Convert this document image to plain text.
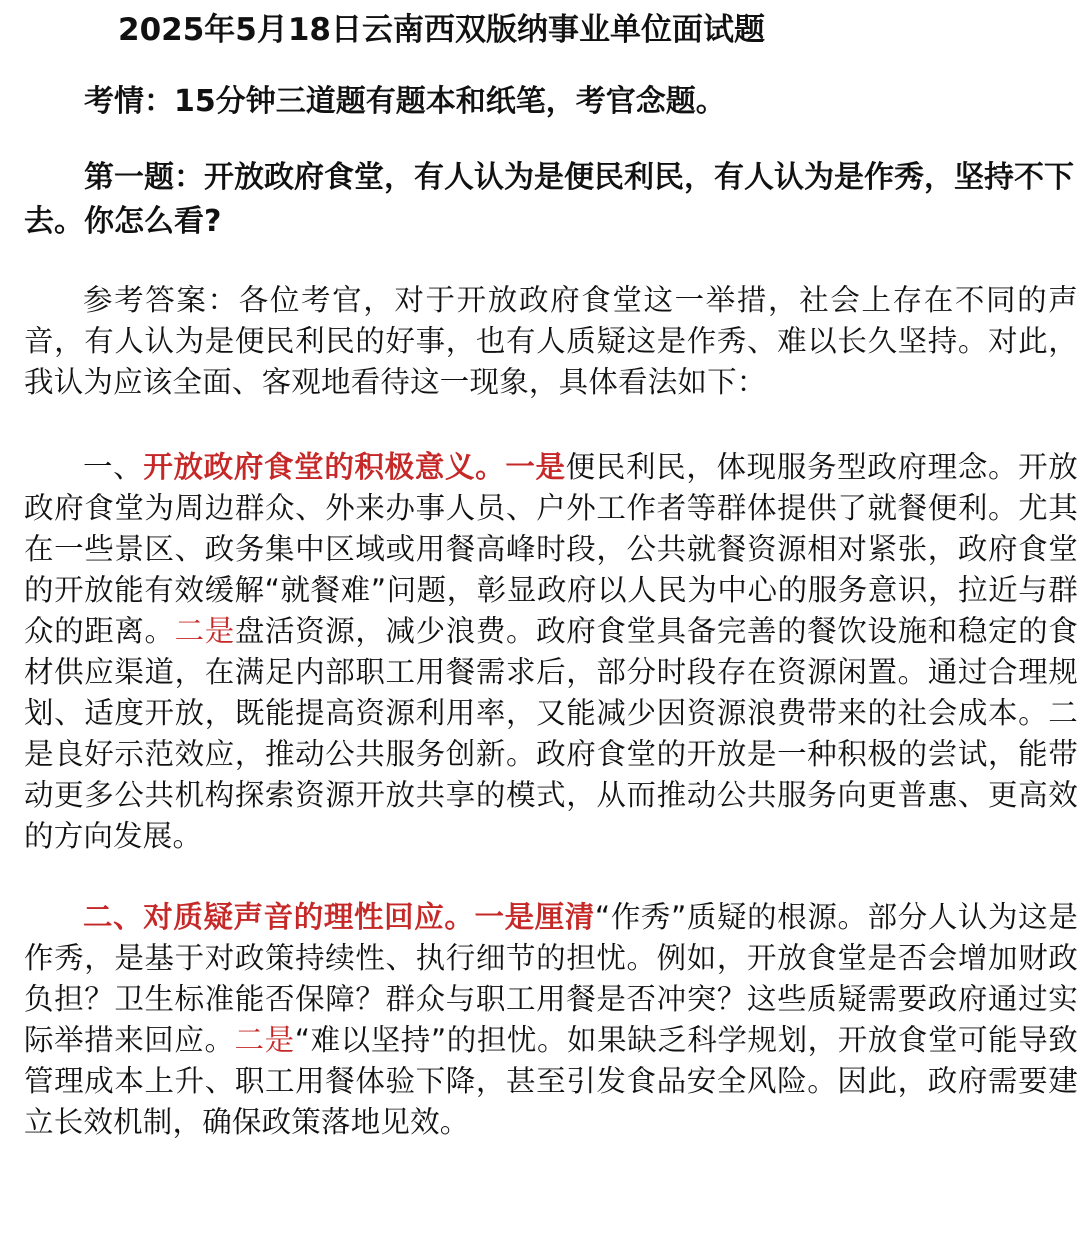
2025年5月18日云南西双版纳事业单位面试题

考情：15分钟三道题有题本和纸笔，考官念题。

第一题：开放政府食堂，有人认为是便民利民，有人认为是作秀，坚持不下去。你怎么看?

参考答案：各位考官，对于开放政府食堂这一举措，社会上存在不同的声音，有人认为是便民利民的好事，也有人质疑这是作秀、难以长久坚持。对此，我认为应该全面、客观地看待这一现象，具体看法如下：

一、开放政府食堂的积极意义。一是便民利民，体现服务型政府理念。开放政府食堂为周边群众、外来办事人员、户外工作者等群体提供了就餐便利。尤其在一些景区、政务集中区域或用餐高峰时段，公共就餐资源相对紧张，政府食堂的开放能有效缓解“就餐难”问题，彰显政府以人民为中心的服务意识，拉近与群众的距离。二是盘活资源，减少浪费。政府食堂具备完善的餐饮设施和稳定的食材供应渠道，在满足内部职工用餐需求后，部分时段存在资源闲置。通过合理规划、适度开放，既能提高资源利用率，又能减少因资源浪费带来的社会成本。二是良好示范效应，推动公共服务创新。政府食堂的开放是一种积极的尝试，能带动更多公共机构探索资源开放共享的模式，从而推动公共服务向更普惠、更高效的方向发展。

二、对质疑声音的理性回应。一是厘清“作秀”质疑的根源。部分人认为这是作秀，是基于对政策持续性、执行细节的担忧。例如，开放食堂是否会增加财政负担？卫生标准能否保障？群众与职工用餐是否冲突？这些质疑需要政府通过实际举措来回应。二是“难以坚持”的担忧。如果缺乏科学规划，开放食堂可能导致管理成本上升、职工用餐体验下降，甚至引发食品安全风险。因此，政府需要建立长效机制，确保政策落地见效。
